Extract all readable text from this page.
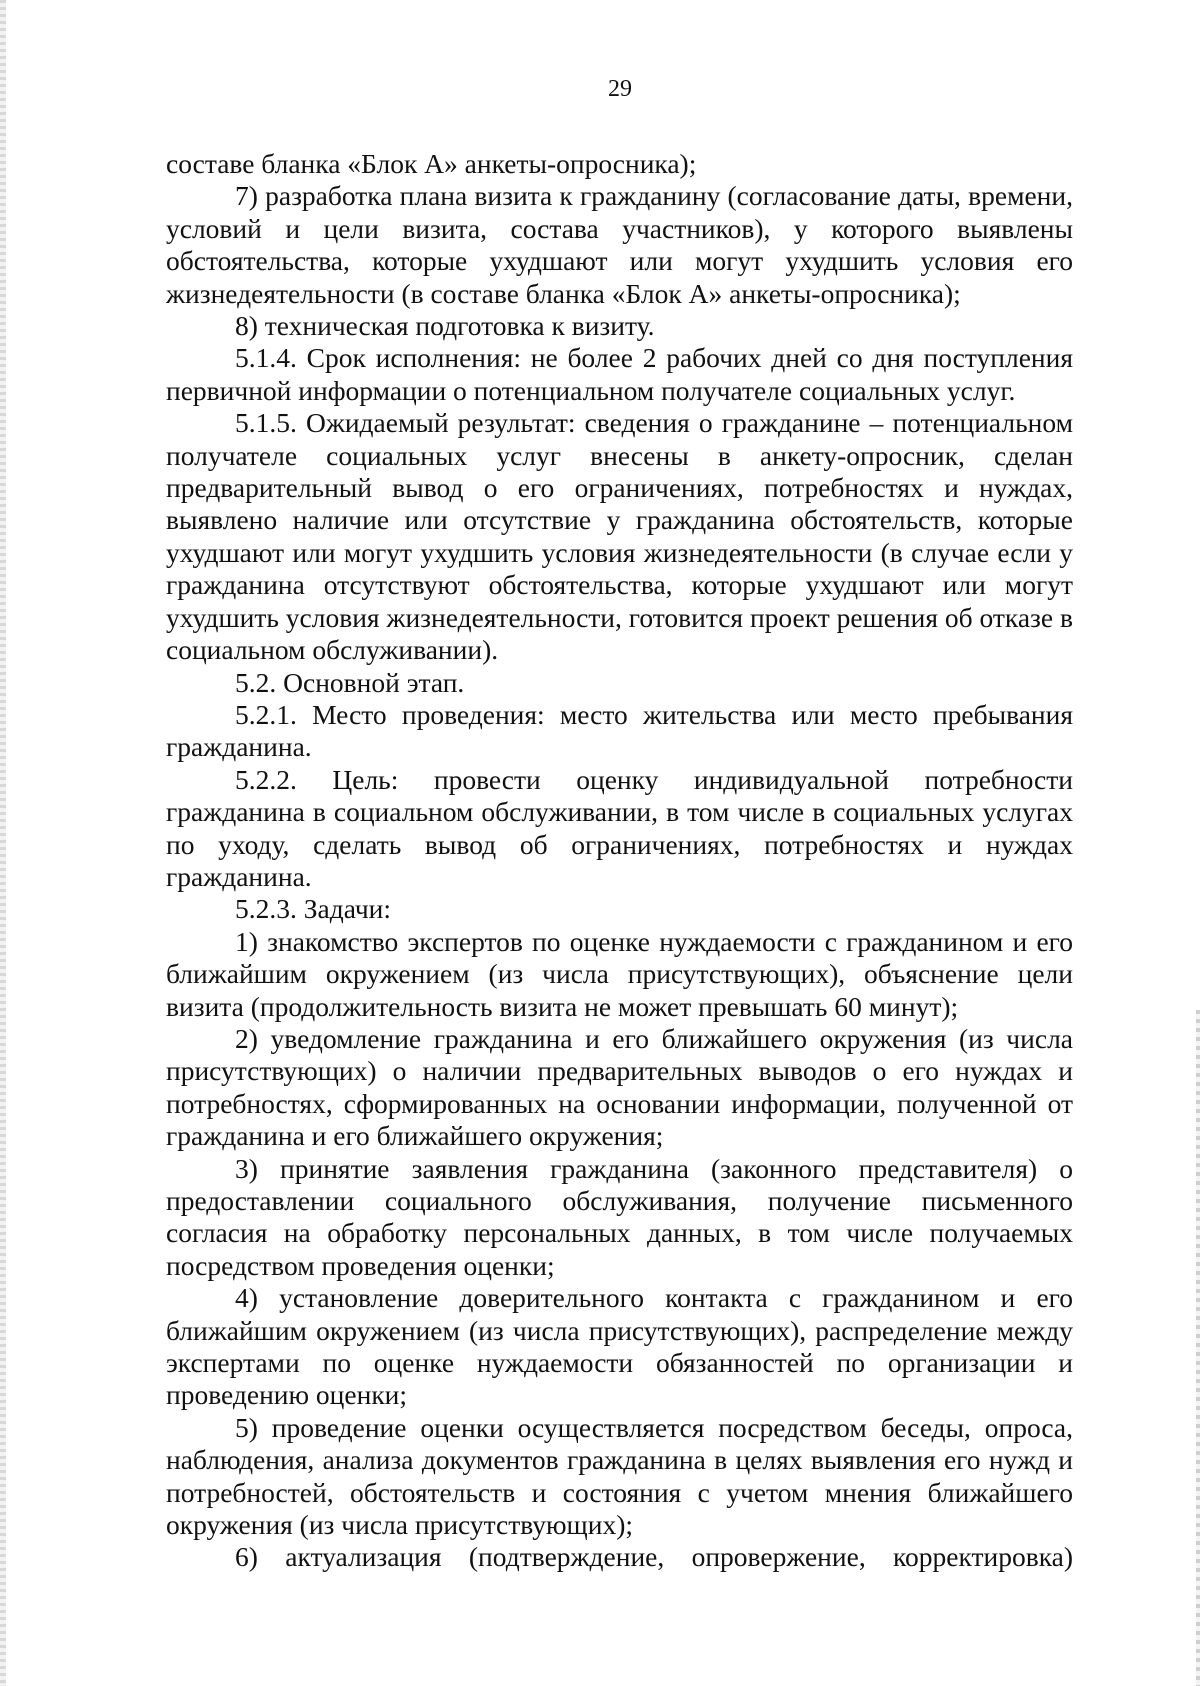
29

составе бланка «Блок А» анкеты-опросника);

7) разработка плана визита к гражданину (согласование даты, времени, условий и цели визита, состава участников), у которого выявлены обстоятельства, которые ухудшают или могут ухудшить условия его жизнедеятельности (в составе бланка «Блок А» анкеты-опросника);

8) техническая подготовка к визиту.

5.1.4. Срок исполнения: не более 2 рабочих дней со дня поступления первичной информации о потенциальном получателе социальных услуг.

5.1.5. Ожидаемый результат: сведения о гражданине – потенциальном получателе социальных услуг внесены в анкету-опросник, сделан предварительный вывод о его ограничениях, потребностях и нуждах, выявлено наличие или отсутствие у гражданина обстоятельств, которые ухудшают или могут ухудшить условия жизнедеятельности (в случае если у гражданина отсутствуют обстоятельства, которые ухудшают или могут ухудшить условия жизнедеятельности, готовится проект решения об отказе в социальном обслуживании).

5.2. Основной этап.

5.2.1. Место проведения: место жительства или место пребывания гражданина.

5.2.2. Цель: провести оценку индивидуальной потребности гражданина в социальном обслуживании, в том числе в социальных услугах по уходу, сделать вывод об ограничениях, потребностях и нуждах гражданина.

5.2.3. Задачи:

1) знакомство экспертов по оценке нуждаемости с гражданином и его ближайшим окружением (из числа присутствующих), объяснение цели визита (продолжительность визита не может превышать 60 минут);

2) уведомление гражданина и его ближайшего окружения (из числа присутствующих) о наличии предварительных выводов о его нуждах и потребностях, сформированных на основании информации, полученной от гражданина и его ближайшего окружения;

3) принятие заявления гражданина (законного представителя) о предоставлении социального обслуживания, получение письменного согласия на обработку персональных данных, в том числе получаемых посредством проведения оценки;

4) установление доверительного контакта с гражданином и его ближайшим окружением (из числа присутствующих), распределение между экспертами по оценке нуждаемости обязанностей по организации и проведению оценки;

5) проведение оценки осуществляется посредством беседы, опроса, наблюдения, анализа документов гражданина в целях выявления его нужд и потребностей, обстоятельств и состояния с учетом мнения ближайшего окружения (из числа присутствующих);

6) актуализация (подтверждение, опровержение, корректировка)
